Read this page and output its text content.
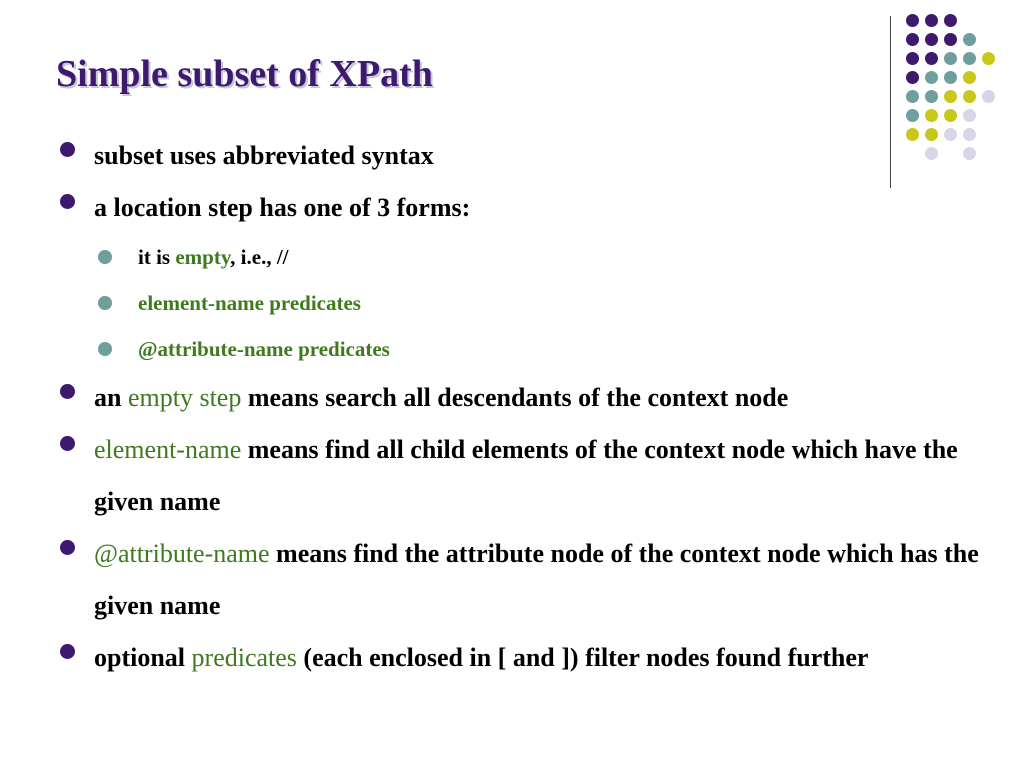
Simple subset of XPath
subset uses abbreviated syntax
a location step has one of 3 forms:
it is empty, i.e., //
element-name predicates
@attribute-name predicates
an empty step means search all descendants of the context node
element-name means find all child elements of the context node which have the given name
@attribute-name means find the attribute node of the context node which has the given name
optional predicates (each enclosed in [ and ]) filter nodes found further
